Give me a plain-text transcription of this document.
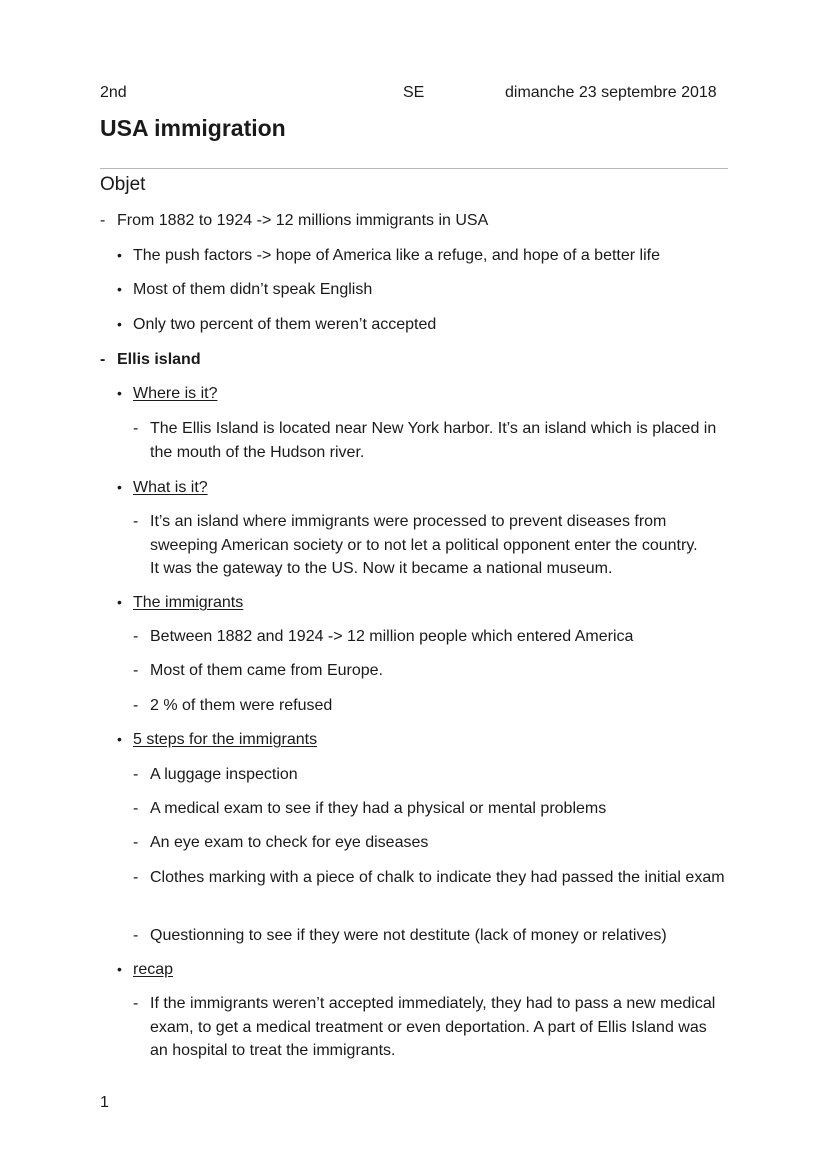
2nd	SE	dimanche 23 septembre 2018
USA immigration
Objet
- From 1882 to 1924 -> 12 millions immigrants in USA
• The push factors -> hope of America like a refuge, and hope of a better life
• Most of them didn’t speak English
• Only two percent of them weren’t accepted
- Ellis island
• Where is it?
- The Ellis Island is located near New York harbor. It’s an island which is placed in the mouth of the Hudson river.
• What is it?
- It’s an island where immigrants were processed to prevent diseases from sweeping American society or to not let a political opponent enter the country. It was the gateway to the US. Now it became a national museum.
• The immigrants
- Between 1882 and 1924 -> 12 million people which entered America
- Most of them came from Europe.
- 2 % of them were refused
• 5 steps for the immigrants
- A luggage inspection
- A medical exam to see if they had a physical or mental problems
- An eye exam to check for eye diseases
- Clothes marking with a piece of chalk to indicate they had passed the initial exam
- Questionning to see if they were not destitute (lack of money or relatives)
• recap
- If the immigrants weren’t accepted immediately, they had to pass a new medical exam, to get a medical treatment or even deportation. A part of Ellis Island was an hospital to treat the immigrants.
1
